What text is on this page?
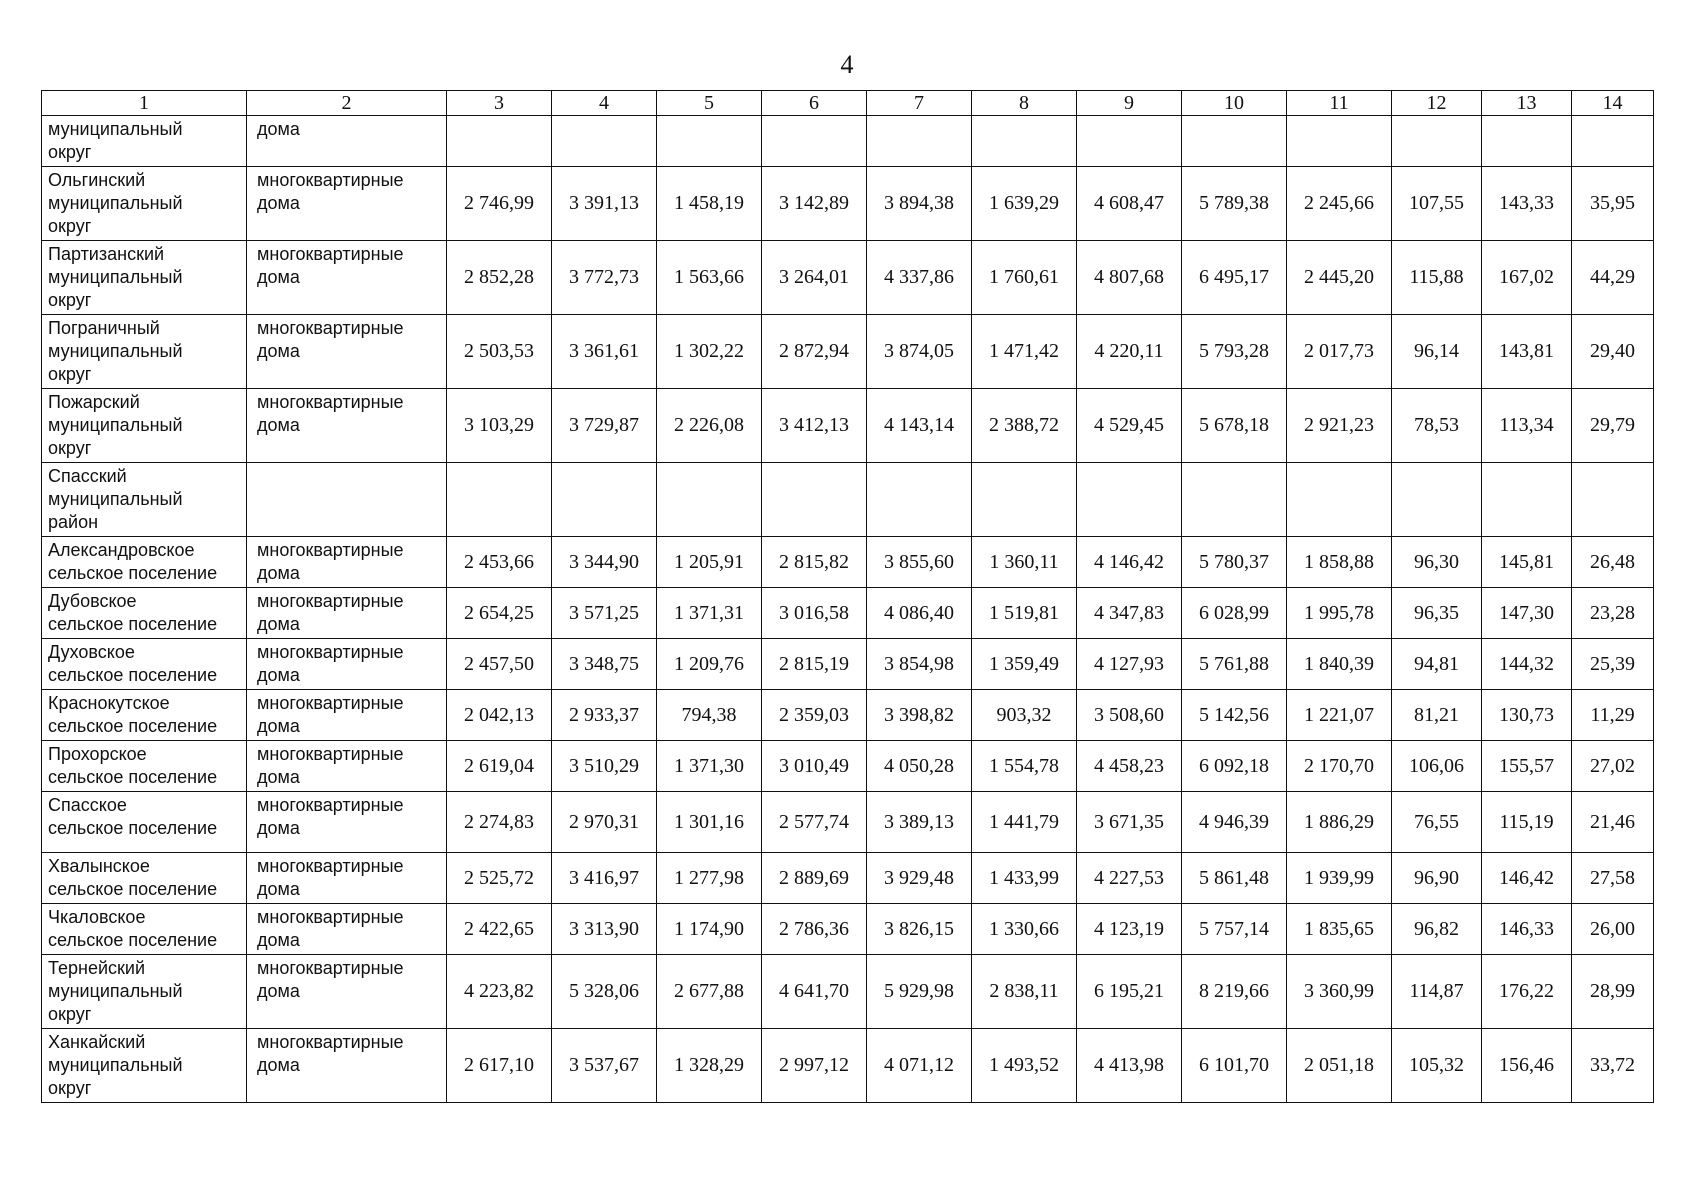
4
1	2	3	4	5	6	7	8	9	10	11	12	13	14

муниципальный
округ	дома												

Ольгинский
муниципальный
округ	многоквартирные
дома	2 746,99	3 391,13	1 458,19	3 142,89	3 894,38	1 639,29	4 608,47	5 789,38	2 245,66	107,55	143,33	35,95

Партизанский
муниципальный
округ	многоквартирные
дома	2 852,28	3 772,73	1 563,66	3 264,01	4 337,86	1 760,61	4 807,68	6 495,17	2 445,20	115,88	167,02	44,29

Пограничный
муниципальный
округ	многоквартирные
дома	2 503,53	3 361,61	1 302,22	2 872,94	3 874,05	1 471,42	4 220,11	5 793,28	2 017,73	96,14	143,81	29,40

Пожарский
муниципальный
округ	многоквартирные
дома	3 103,29	3 729,87	2 226,08	3 412,13	4 143,14	2 388,72	4 529,45	5 678,18	2 921,23	78,53	113,34	29,79

Спасский
муниципальный
район													

Александровское
сельское поселение	многоквартирные
дома	2 453,66	3 344,90	1 205,91	2 815,82	3 855,60	1 360,11	4 146,42	5 780,37	1 858,88	96,30	145,81	26,48

Дубовское
сельское поселение	многоквартирные
дома	2 654,25	3 571,25	1 371,31	3 016,58	4 086,40	1 519,81	4 347,83	6 028,99	1 995,78	96,35	147,30	23,28

Духовское
сельское поселение	многоквартирные
дома	2 457,50	3 348,75	1 209,76	2 815,19	3 854,98	1 359,49	4 127,93	5 761,88	1 840,39	94,81	144,32	25,39

Краснокутское
сельское поселение	многоквартирные
дома	2 042,13	2 933,37	794,38	2 359,03	3 398,82	903,32	3 508,60	5 142,56	1 221,07	81,21	130,73	11,29

Прохорское
сельское поселение	многоквартирные
дома	2 619,04	3 510,29	1 371,30	3 010,49	4 050,28	1 554,78	4 458,23	6 092,18	2 170,70	106,06	155,57	27,02

Спасское
сельское поселение	многоквартирные
дома	2 274,83	2 970,31	1 301,16	2 577,74	3 389,13	1 441,79	3 671,35	4 946,39	1 886,29	76,55	115,19	21,46

Хвалынское
сельское поселение	многоквартирные
дома	2 525,72	3 416,97	1 277,98	2 889,69	3 929,48	1 433,99	4 227,53	5 861,48	1 939,99	96,90	146,42	27,58

Чкаловское
сельское поселение	многоквартирные
дома	2 422,65	3 313,90	1 174,90	2 786,36	3 826,15	1 330,66	4 123,19	5 757,14	1 835,65	96,82	146,33	26,00

Тернейский
муниципальный
округ	многоквартирные
дома	4 223,82	5 328,06	2 677,88	4 641,70	5 929,98	2 838,11	6 195,21	8 219,66	3 360,99	114,87	176,22	28,99

Ханкайский
муниципальный
округ	многоквартирные
дома	2 617,10	3 537,67	1 328,29	2 997,12	4 071,12	1 493,52	4 413,98	6 101,70	2 051,18	105,32	156,46	33,72
